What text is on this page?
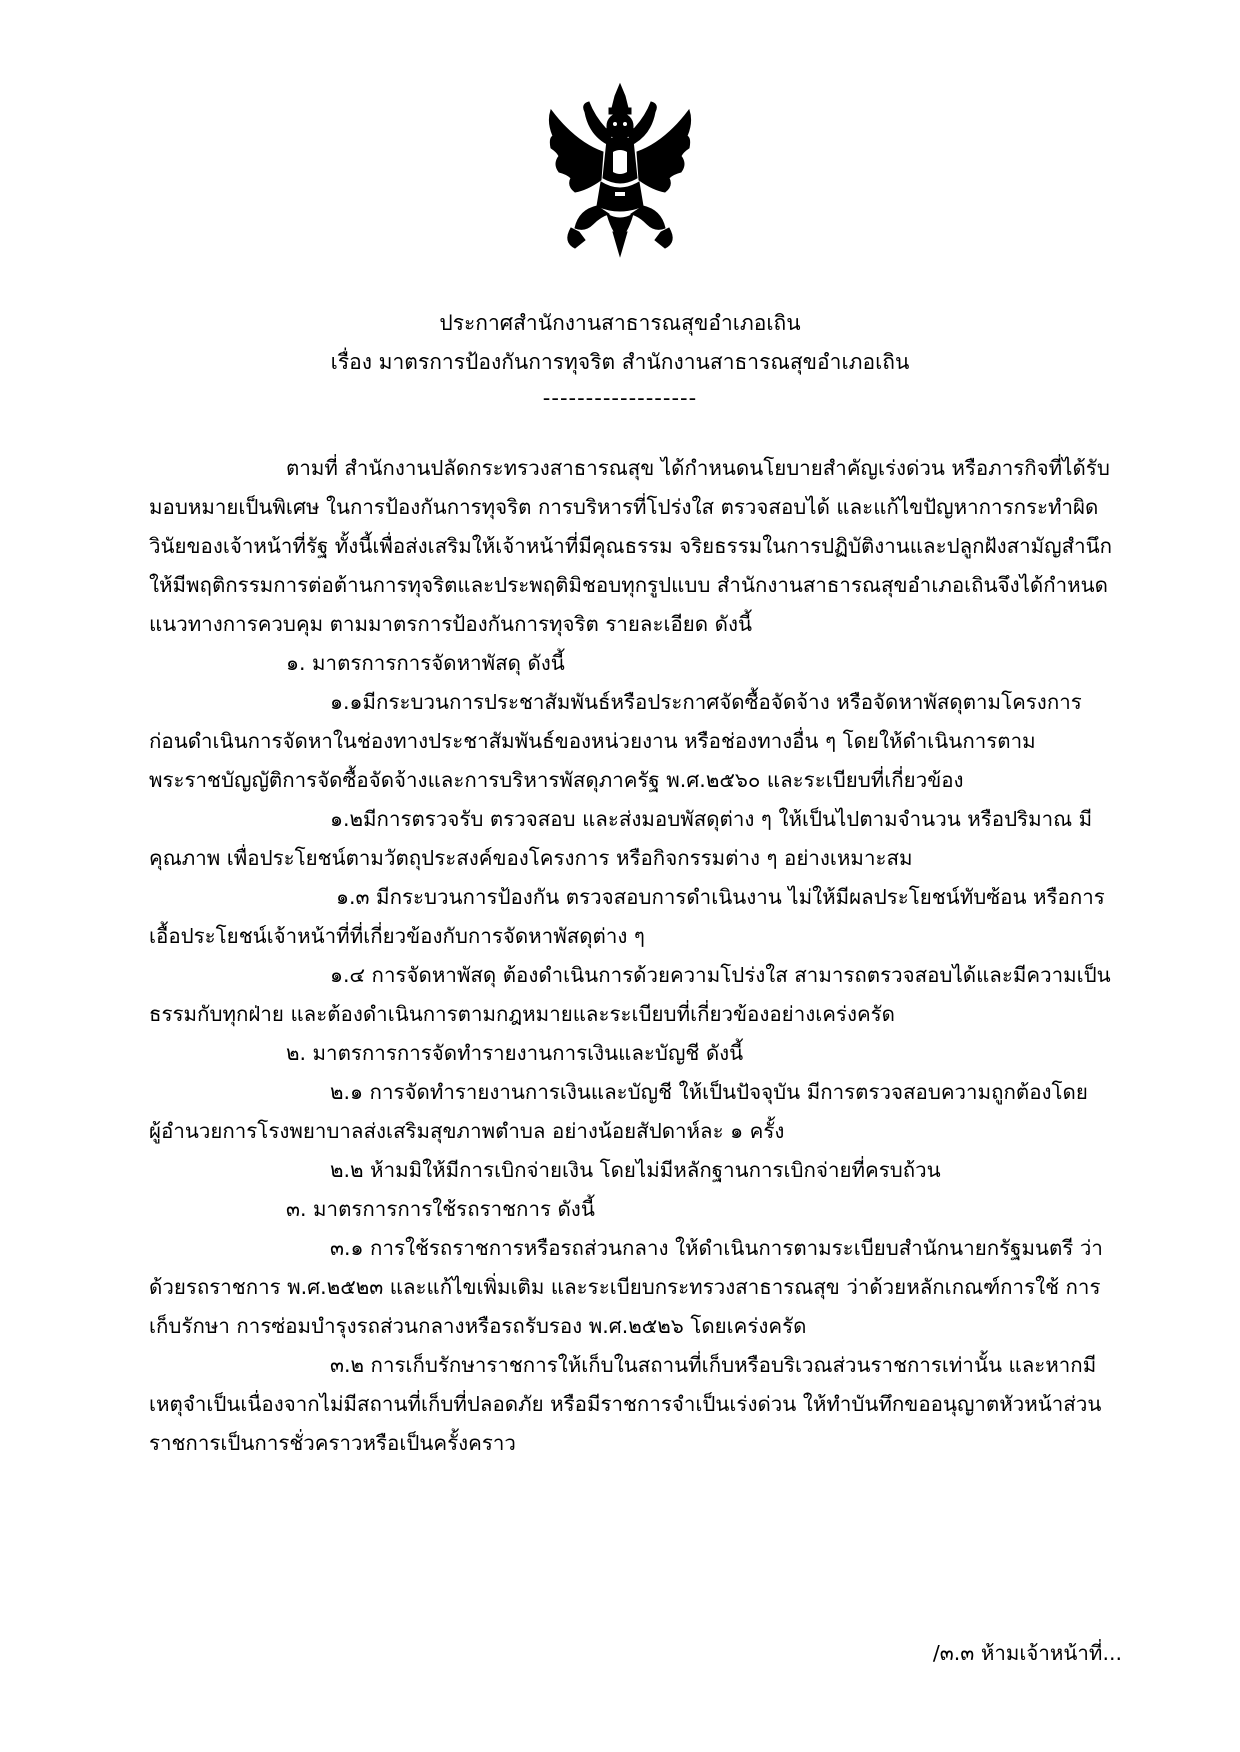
ประกาศสำนักงานสาธารณสุขอำเภอเถิน
เรื่อง มาตรการป้องกันการทุจริต สำนักงานสาธารณสุขอำเภอเถิน
------------------
ตามที่ สำนักงานปลัดกระทรวงสาธารณสุข ได้กำหนดนโยบายสำคัญเร่งด่วน หรือภารกิจที่ได้รับ
มอบหมายเป็นพิเศษ ในการป้องกันการทุจริต การบริหารที่โปร่งใส ตรวจสอบได้ และแก้ไขปัญหาการกระทำผิด
วินัยของเจ้าหน้าที่รัฐ ทั้งนี้เพื่อส่งเสริมให้เจ้าหน้าที่มีคุณธรรม จริยธรรมในการปฏิบัติงานและปลูกฝังสามัญสำนึก
ให้มีพฤติกรรมการต่อต้านการทุจริตและประพฤติมิชอบทุกรูปแบบ สำนักงานสาธารณสุขอำเภอเถินจึงได้กำหนด
แนวทางการควบคุม ตามมาตรการป้องกันการทุจริต รายละเอียด ดังนี้
๑. มาตรการการจัดหาพัสดุ ดังนี้
๑.๑มีกระบวนการประชาสัมพันธ์หรือประกาศจัดซื้อจัดจ้าง หรือจัดหาพัสดุตามโครงการ
ก่อนดำเนินการจัดหาในช่องทางประชาสัมพันธ์ของหน่วยงาน หรือช่องทางอื่น ๆ โดยให้ดำเนินการตาม
พระราชบัญญัติการจัดซื้อจัดจ้างและการบริหารพัสดุภาครัฐ พ.ศ.๒๕๖๐ และระเบียบที่เกี่ยวข้อง
๑.๒มีการตรวจรับ ตรวจสอบ และส่งมอบพัสดุต่าง ๆ ให้เป็นไปตามจำนวน หรือปริมาณ มี
คุณภาพ เพื่อประโยชน์ตามวัตถุประสงค์ของโครงการ หรือกิจกรรมต่าง ๆ อย่างเหมาะสม
๑.๓ มีกระบวนการป้องกัน ตรวจสอบการดำเนินงาน ไม่ให้มีผลประโยชน์ทับซ้อน หรือการ
เอื้อประโยชน์เจ้าหน้าที่ที่เกี่ยวข้องกับการจัดหาพัสดุต่าง ๆ
๑.๔ การจัดหาพัสดุ ต้องดำเนินการด้วยความโปร่งใส สามารถตรวจสอบได้และมีความเป็น
ธรรมกับทุกฝ่าย และต้องดำเนินการตามกฎหมายและระเบียบที่เกี่ยวข้องอย่างเคร่งครัด
๒. มาตรการการจัดทำรายงานการเงินและบัญชี ดังนี้
๒.๑ การจัดทำรายงานการเงินและบัญชี ให้เป็นปัจจุบัน มีการตรวจสอบความถูกต้องโดย
ผู้อำนวยการโรงพยาบาลส่งเสริมสุขภาพตำบล อย่างน้อยสัปดาห์ละ ๑ ครั้ง
๒.๒ ห้ามมิให้มีการเบิกจ่ายเงิน โดยไม่มีหลักฐานการเบิกจ่ายที่ครบถ้วน
๓. มาตรการการใช้รถราชการ ดังนี้
๓.๑ การใช้รถราชการหรือรถส่วนกลาง ให้ดำเนินการตามระเบียบสำนักนายกรัฐมนตรี ว่า
ด้วยรถราชการ พ.ศ.๒๕๒๓ และแก้ไขเพิ่มเติม และระเบียบกระทรวงสาธารณสุข ว่าด้วยหลักเกณฑ์การใช้ การ
เก็บรักษา การซ่อมบำรุงรถส่วนกลางหรือรถรับรอง พ.ศ.๒๕๒๖ โดยเคร่งครัด
๓.๒ การเก็บรักษาราชการให้เก็บในสถานที่เก็บหรือบริเวณส่วนราชการเท่านั้น และหากมี
เหตุจำเป็นเนื่องจากไม่มีสถานที่เก็บที่ปลอดภัย หรือมีราชการจำเป็นเร่งด่วน ให้ทำบันทึกขออนุญาตหัวหน้าส่วน
ราชการเป็นการชั่วคราวหรือเป็นครั้งคราว
/๓.๓ ห้ามเจ้าหน้าที่...
